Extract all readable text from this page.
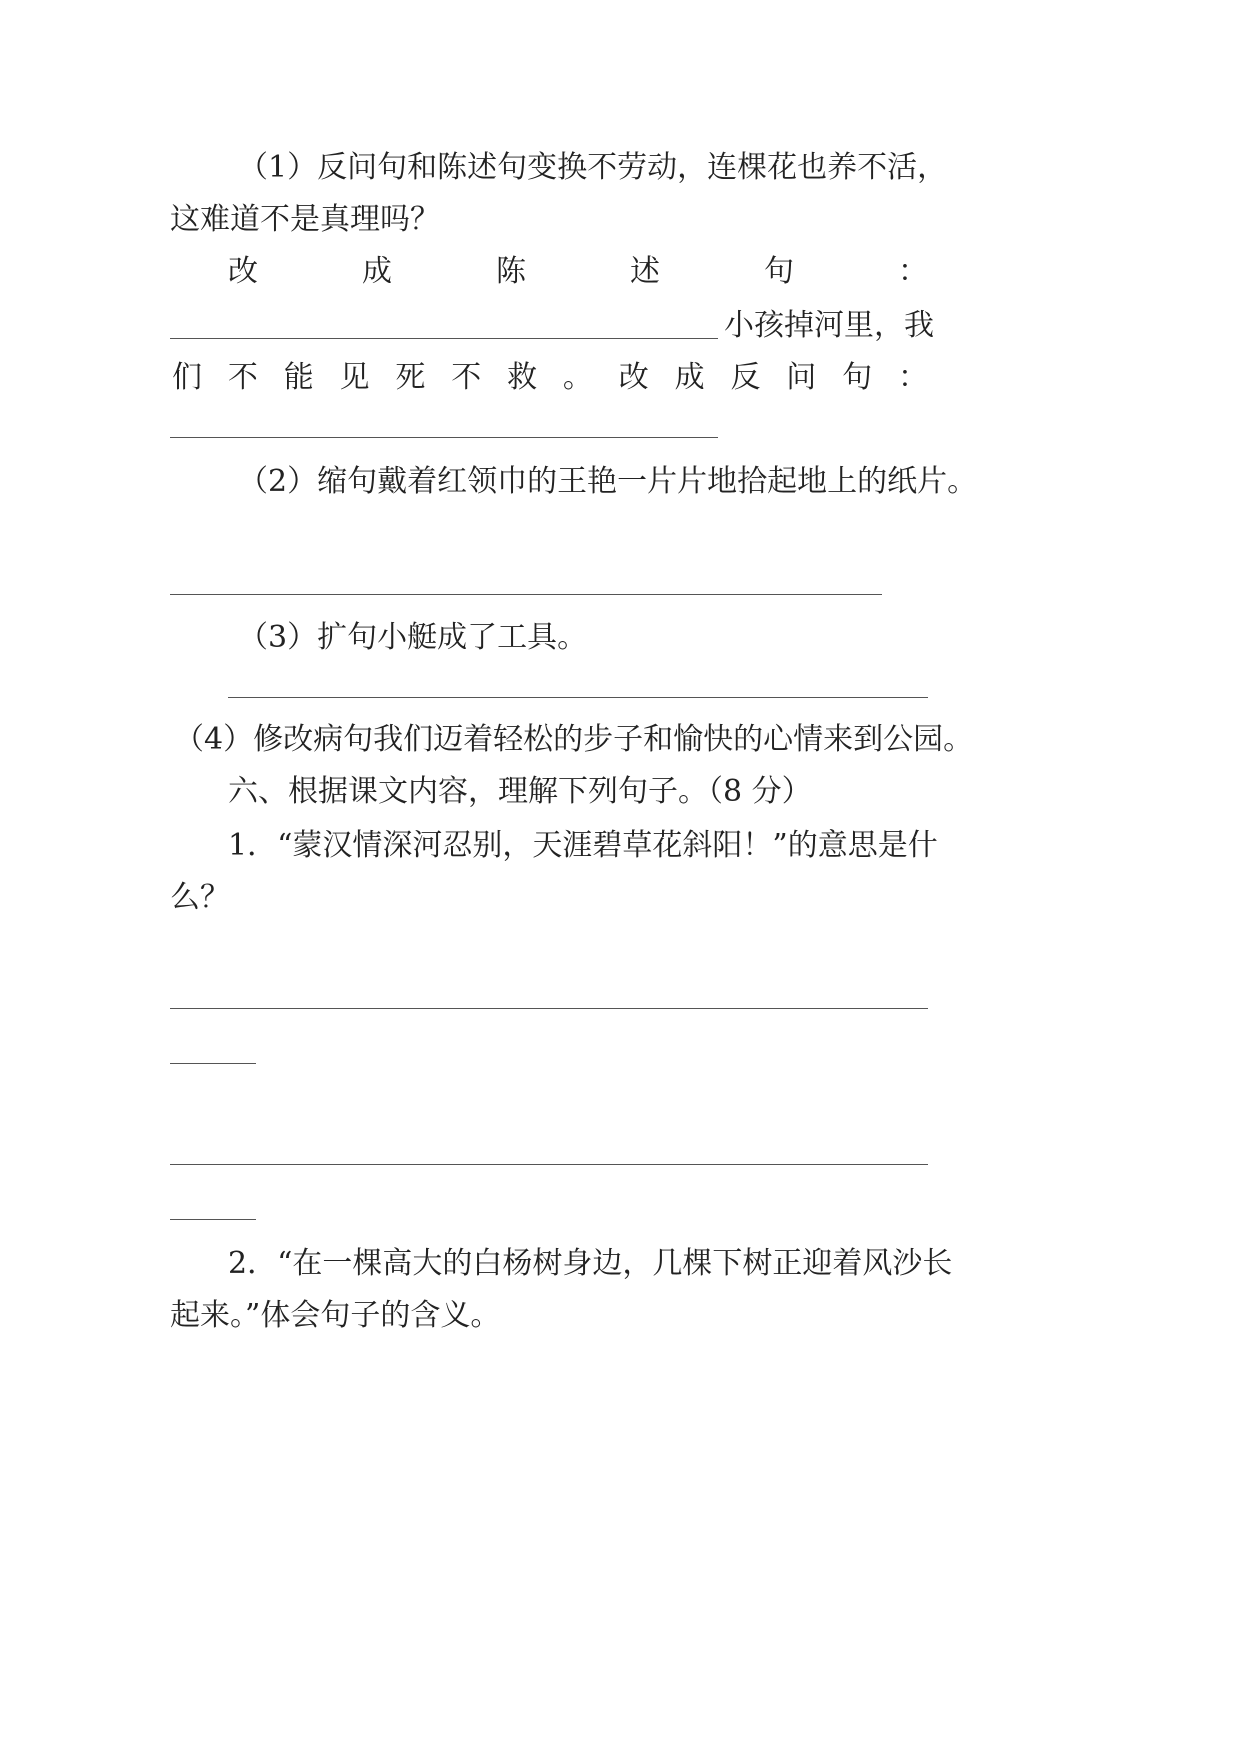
（1）反问句和陈述句变换不劳动，连棵花也养不活，
这难道不是真理吗？
改	成	陈	述	句	：
小孩掉河里，我
们 不 能 见 死 不 救 。 改 成 反 问 句 ：
（2）缩句戴着红领巾的王艳一片片地拾起地上的纸片。
（3）扩句小艇成了工具。
（4）修改病句我们迈着轻松的步子和愉快的心情来到公园。
六、根据课文内容，理解下列句子。（8 分）
1．“蒙汉情深河忍别，天涯碧草花斜阳！”的意思是什
么？
2．“在一棵高大的白杨树身边，几棵下树正迎着风沙长
起来。”体会句子的含义。
